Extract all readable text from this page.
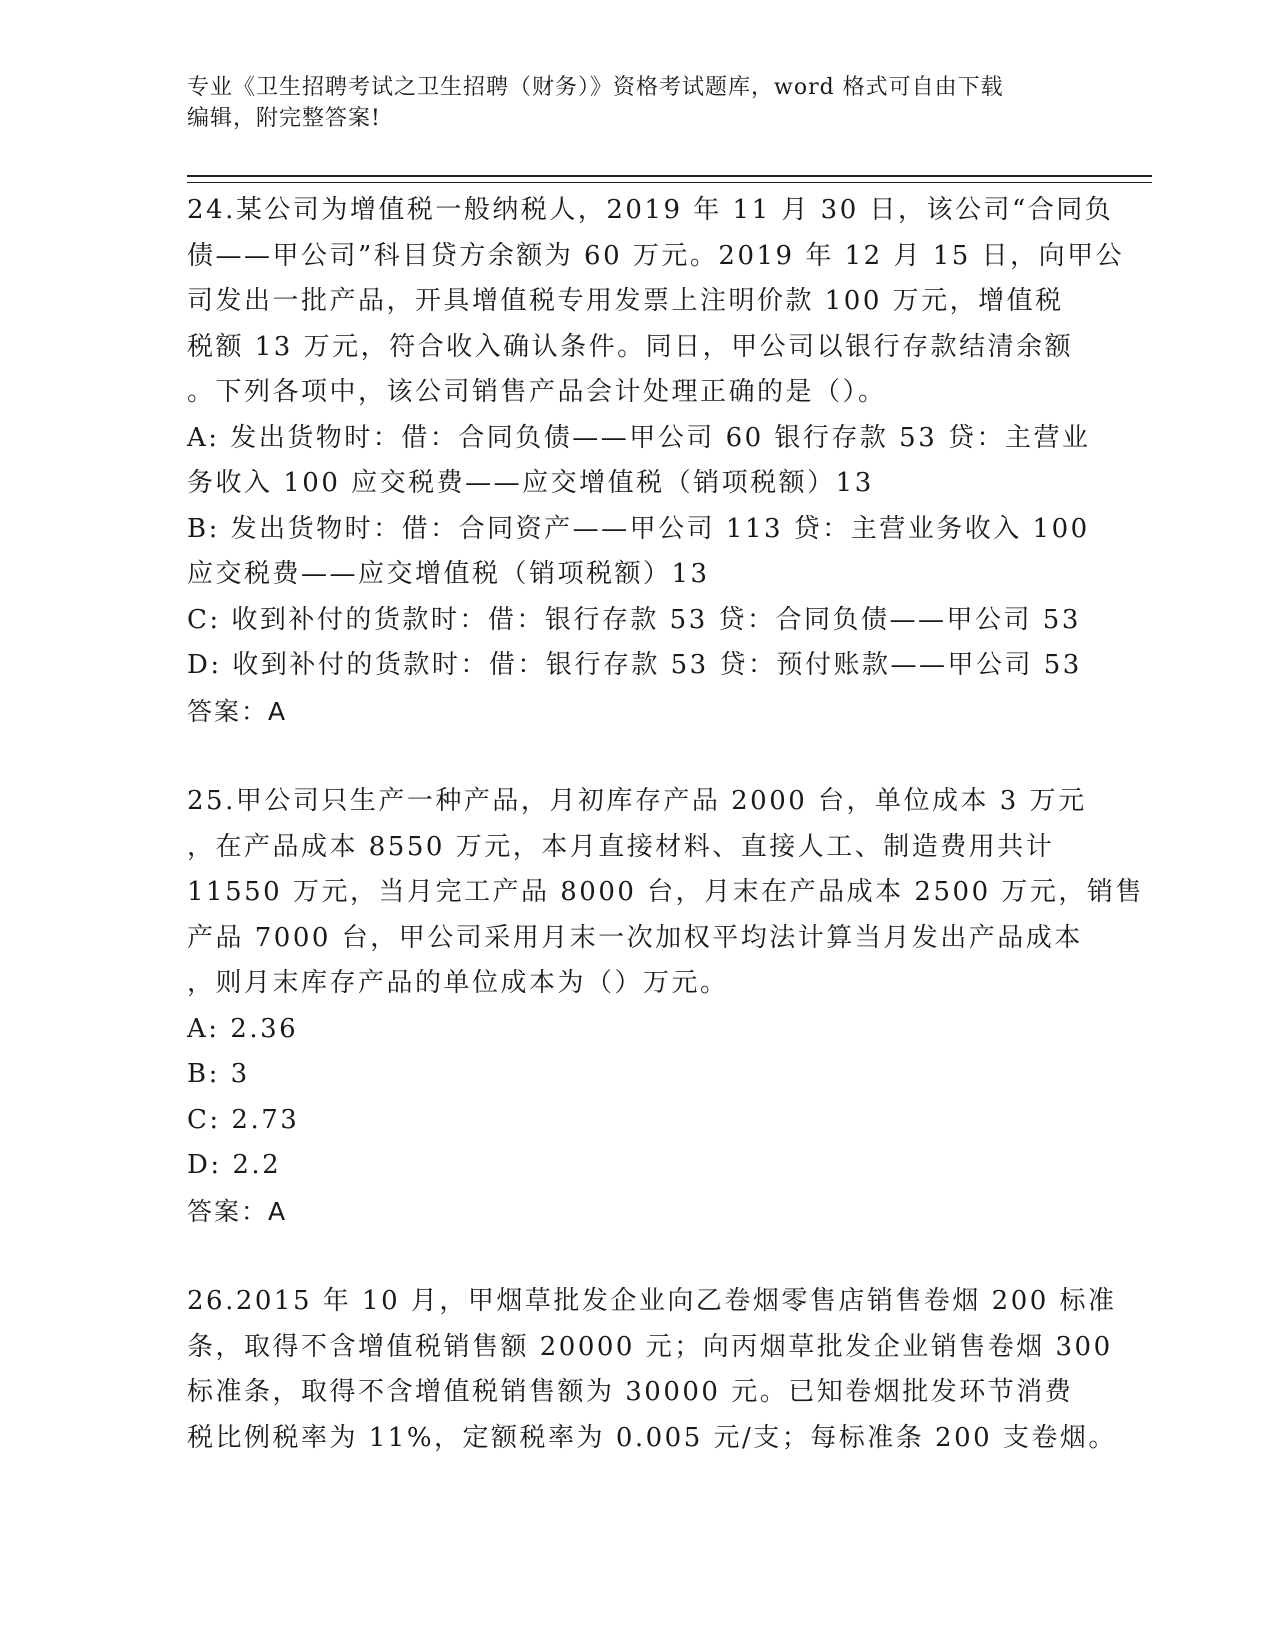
专业《卫生招聘考试之卫生招聘（财务）》资格考试题库，word 格式可自由下载
编辑，附完整答案!
24.某公司为增值税一般纳税人，2019 年 11 月 30 日，该公司“合同负
债——甲公司”科目贷方余额为 60 万元。2019 年 12 月 15 日，向甲公
司发出一批产品，开具增值税专用发票上注明价款 100 万元，增值税
税额 13 万元，符合收入确认条件。同日，甲公司以银行存款结清余额
。下列各项中，该公司销售产品会计处理正确的是（）。
A: 发出货物时：借：合同负债——甲公司 60 银行存款 53 贷：主营业
务收入 100 应交税费——应交增值税（销项税额）13
B: 发出货物时：借：合同资产——甲公司 113 贷：主营业务收入 100
应交税费——应交增值税（销项税额）13
C: 收到补付的货款时：借：银行存款 53 贷：合同负债——甲公司 53
D: 收到补付的货款时：借：银行存款 53 贷：预付账款——甲公司 53
答案：A
25.甲公司只生产一种产品，月初库存产品 2000 台，单位成本 3 万元
，在产品成本 8550 万元，本月直接材料、直接人工、制造费用共计
11550 万元，当月完工产品 8000 台，月末在产品成本 2500 万元，销售
产品 7000 台，甲公司采用月末一次加权平均法计算当月发出产品成本
，则月末库存产品的单位成本为（）万元。
A: 2.36
B: 3
C: 2.73
D: 2.2
答案：A
26.2015 年 10 月，甲烟草批发企业向乙卷烟零售店销售卷烟 200 标准
条，取得不含增值税销售额 20000 元；向丙烟草批发企业销售卷烟 300
标准条，取得不含增值税销售额为 30000 元。已知卷烟批发环节消费
税比例税率为 11%，定额税率为 0.005 元/支；每标准条 200 支卷烟。
